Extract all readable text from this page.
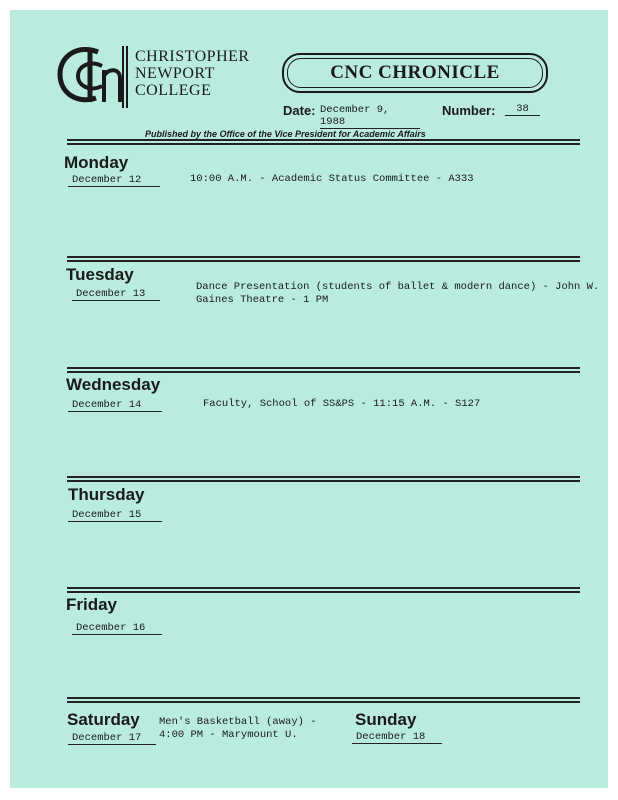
CHRISTOPHER
NEWPORT
COLLEGE
CNC CHRONICLE
Date: December 9, 1988
Number:	38
Published by the Office of the Vice President for Academic Affairs
Monday
December 12	10:00 A.M. - Academic Status Committee - A333
Tuesday
December 13
Dance Presentation (students of ballet & modern dance) - John W.
Gaines Theatre - 1 PM
Wednesday
December 14	Faculty, School of SS&PS - 11:15 A.M. - S127
Thursday
December 15
Friday
December 16
Saturday
December 17
Men's Basketball (away) -
4:00 PM - Marymount U.
Sunday
December 18
